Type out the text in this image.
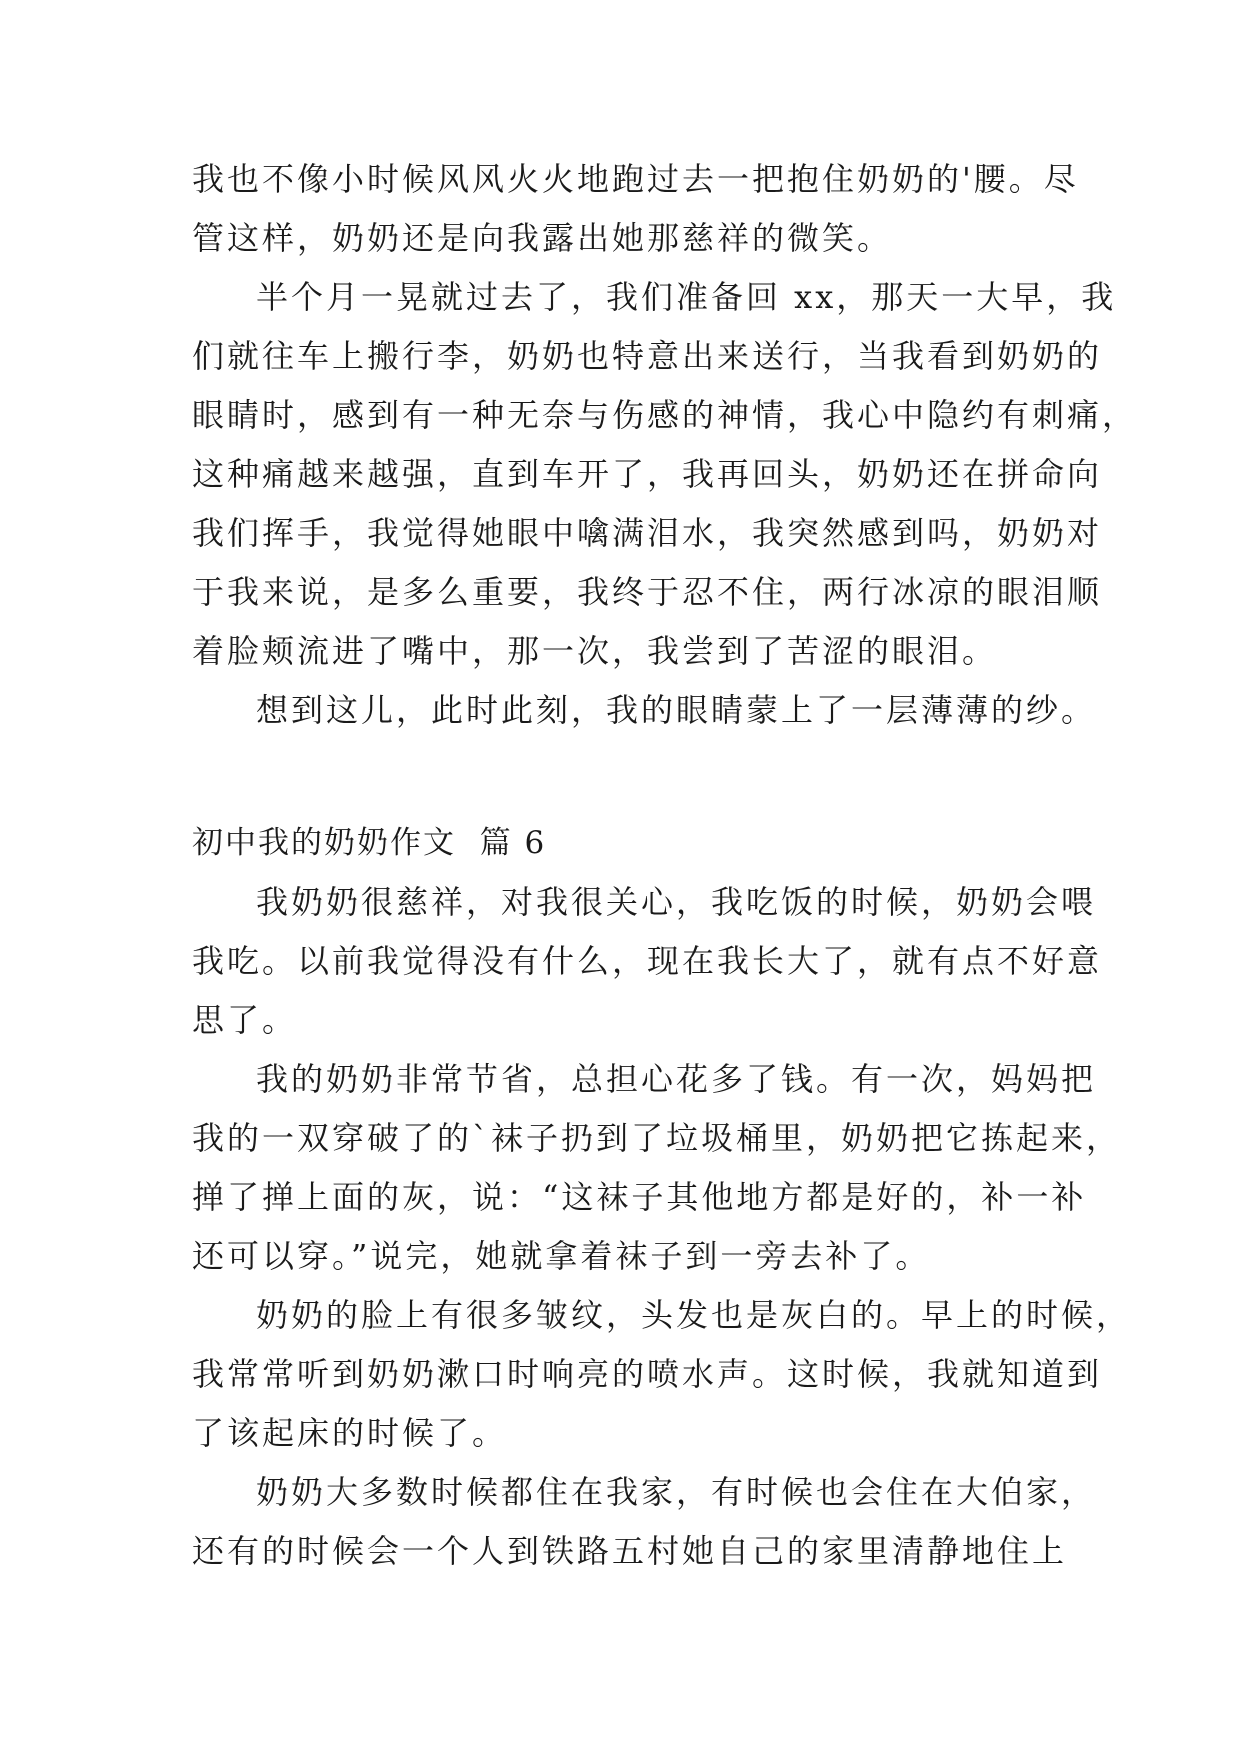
我也不像小时候风风火火地跑过去一把抱住奶奶的'腰。尽
管这样，奶奶还是向我露出她那慈祥的微笑。
半个月一晃就过去了，我们准备回 xx，那天一大早，我
们就往车上搬行李，奶奶也特意出来送行，当我看到奶奶的
眼睛时，感到有一种无奈与伤感的神情，我心中隐约有刺痛，
这种痛越来越强，直到车开了，我再回头，奶奶还在拼命向
我们挥手，我觉得她眼中噙满泪水，我突然感到吗，奶奶对
于我来说，是多么重要，我终于忍不住，两行冰凉的眼泪顺
着脸颊流进了嘴中，那一次，我尝到了苦涩的眼泪。
想到这儿，此时此刻，我的眼睛蒙上了一层薄薄的纱。
初中我的奶奶作文  篇 6
我奶奶很慈祥，对我很关心，我吃饭的时候，奶奶会喂
我吃。以前我觉得没有什么，现在我长大了，就有点不好意
思了。
我的奶奶非常节省，总担心花多了钱。有一次，妈妈把
我的一双穿破了的`袜子扔到了垃圾桶里，奶奶把它拣起来，
掸了掸上面的灰，说：“这袜子其他地方都是好的，补一补
还可以穿。”说完，她就拿着袜子到一旁去补了。
奶奶的脸上有很多皱纹，头发也是灰白的。早上的时候，
我常常听到奶奶漱口时响亮的喷水声。这时候，我就知道到
了该起床的时候了。
奶奶大多数时候都住在我家，有时候也会住在大伯家，
还有的时候会一个人到铁路五村她自己的家里清静地住上
